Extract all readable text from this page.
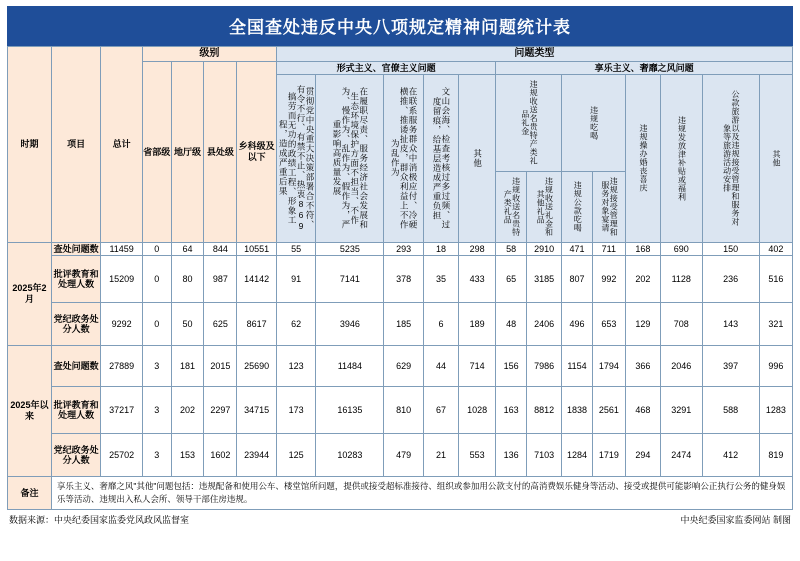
全国查处违反中央八项规定精神问题统计表
时期	项目	总计	级别				问题类型												
			省部级	地厅级	县处级	乡科级及以下	形式主义、官僚主义问题					享乐主义、奢靡之风问题							

							贯彻党中央重大决策部署合不符、有令不行、有禁不止、热衷869搞劳而无功的政绩工程、形象工程，造成严重后果	在履职尽责、服务经济社会发展和生态环境保护方面不担当、不作为、慢作为、乱作为、假作为，严重影响高质量发展	在联系服务群众中消极应付、冷硬横推、推诿扯皮，群众利益上不作为乱作为	文山会海、检查考核过多过频、过度留痕，给基层造成严重负担	其他	违规收送名贵特产类礼品礼金		违规吃喝		违规操办婚丧喜庆	违规发放津补贴或福利	公款旅游以及违规接受管理和服务对象等旅游活动安排	其他

												违规收送名贵特产类礼品	违规收送礼金和其他礼品	违规公款吃喝	违规接受管理和服务对象宴请				

2025年2月	查处问题数	11459	0	64	844	10551	55	5235	293	18	298	58	2910	471	711	168	690	150	402
	批评教育和处理人数	15209	0	80	987	14142	91	7141	378	35	433	65	3185	807	992	202	1128	236	516
	党纪政务处分人数	9292	0	50	625	8617	62	3946	185	6	189	48	2406	496	653	129	708	143	321
2025年以来	查处问题数	27889	3	181	2015	25690	123	11484	629	44	714	156	7986	1154	1794	366	2046	397	996
	批评教育和处理人数	37217	3	202	2297	34715	173	16135	810	67	1028	163	8812	1838	2561	468	3291	588	1283
	党纪政务处分人数	25702	3	153	1602	23944	125	10283	479	21	553	136	7103	1284	1719	294	2474	412	819
备注	享乐主义、奢靡之风"其他"问题包括：违规配备和使用公车、楼堂馆所问题，提供或接受超标准接待、组织或参加用公款支付的高消费娱乐健身等活动、接受或提供可能影响公正执行公务的健身娱乐等活动、违规出入私人会所、领导干部住房违规。																		
数据来源：中央纪委国家监委党风政风监督室	中央纪委国家监委网站 制图
